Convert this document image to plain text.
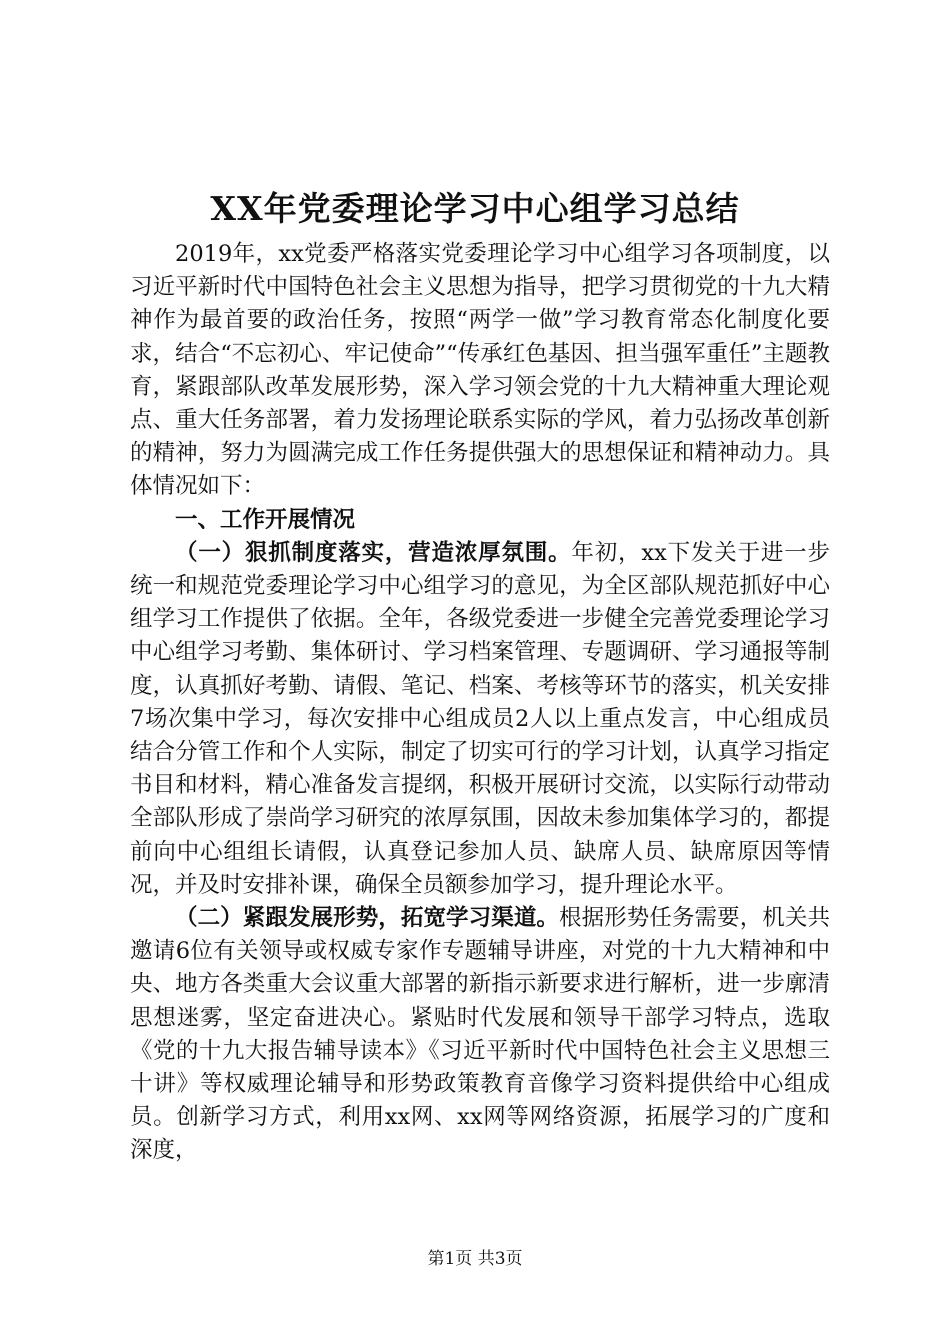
XX年党委理论学习中心组学习总结

2019年，xx党委严格落实党委理论学习中心组学习各项制度，以习近平新时代中国特色社会主义思想为指导，把学习贯彻党的十九大精神作为最首要的政治任务，按照“两学一做”学习教育常态化制度化要求，结合“不忘初心、牢记使命”“传承红色基因、担当强军重任”主题教育，紧跟部队改革发展形势，深入学习领会党的十九大精神重大理论观点、重大任务部署，着力发扬理论联系实际的学风，着力弘扬改革创新的精神，努力为圆满完成工作任务提供强大的思想保证和精神动力。具体情况如下：

一、工作开展情况

（一）狠抓制度落实，营造浓厚氛围。年初，xx下发关于进一步统一和规范党委理论学习中心组学习的意见，为全区部队规范抓好中心组学习工作提供了依据。全年，各级党委进一步健全完善党委理论学习中心组学习考勤、集体研讨、学习档案管理、专题调研、学习通报等制度，认真抓好考勤、请假、笔记、档案、考核等环节的落实，机关安排7场次集中学习，每次安排中心组成员2人以上重点发言，中心组成员结合分管工作和个人实际，制定了切实可行的学习计划，认真学习指定书目和材料，精心准备发言提纲，积极开展研讨交流，以实际行动带动全部队形成了崇尚学习研究的浓厚氛围，因故未参加集体学习的，都提前向中心组组长请假，认真登记参加人员、缺席人员、缺席原因等情况，并及时安排补课，确保全员额参加学习，提升理论水平。

（二）紧跟发展形势，拓宽学习渠道。根据形势任务需要，机关共邀请6位有关领导或权威专家作专题辅导讲座，对党的十九大精神和中央、地方各类重大会议重大部署的新指示新要求进行解析，进一步廓清思想迷雾，坚定奋进决心。紧贴时代发展和领导干部学习特点，选取《党的十九大报告辅导读本》《习近平新时代中国特色社会主义思想三十讲》等权威理论辅导和形势政策教育音像学习资料提供给中心组成员。创新学习方式，利用xx网、xx网等网络资源，拓展学习的广度和深度，

第1页 共3页
